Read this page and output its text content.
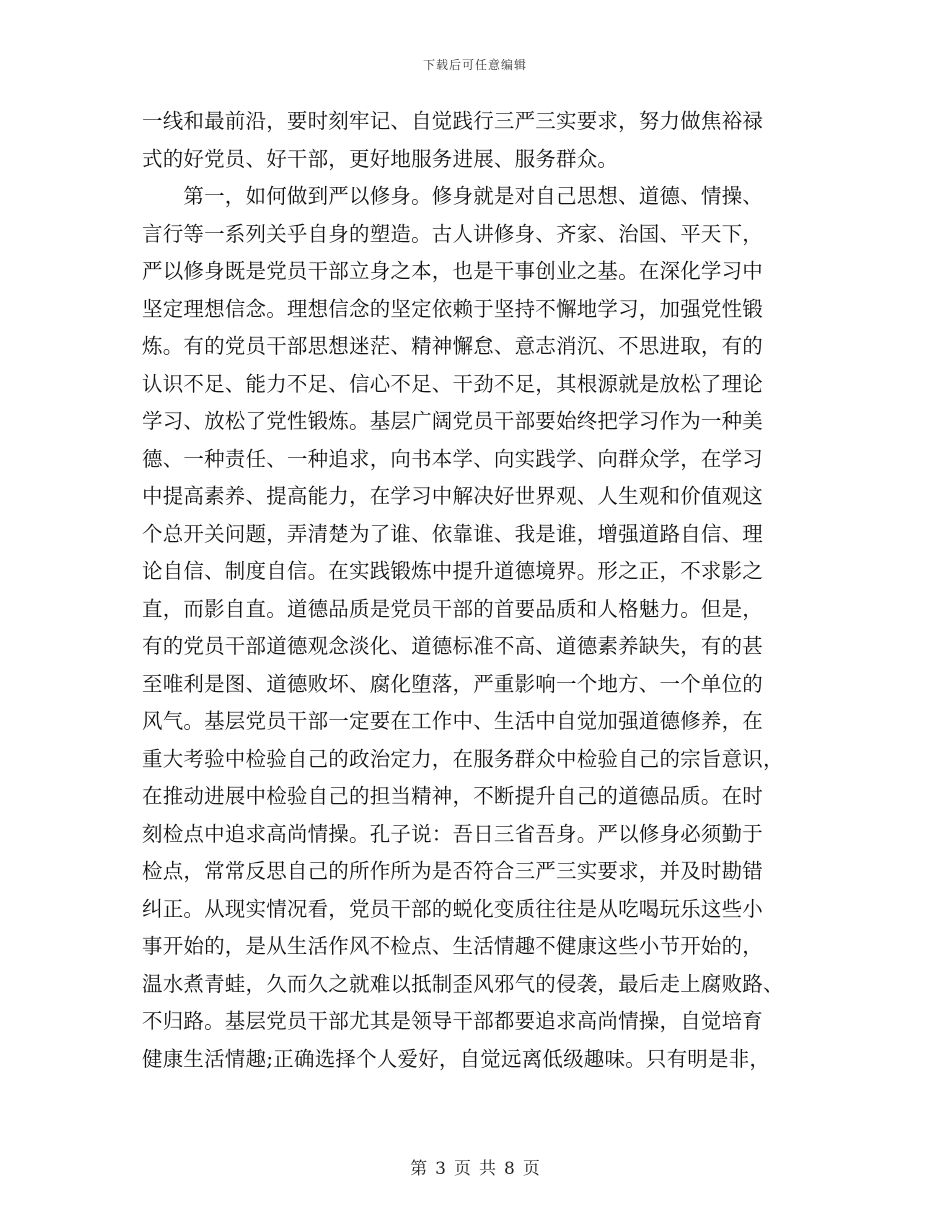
下载后可任意编辑
一线和最前沿，要时刻牢记、自觉践行三严三实要求，努力做焦裕禄
式的好党员、好干部，更好地服务进展、服务群众。
　　第一，如何做到严以修身。修身就是对自己思想、道德、情操、
言行等一系列关乎自身的塑造。古人讲修身、齐家、治国、平天下，
严以修身既是党员干部立身之本，也是干事创业之基。在深化学习中
坚定理想信念。理想信念的坚定依赖于坚持不懈地学习，加强党性锻
炼。有的党员干部思想迷茫、精神懈怠、意志消沉、不思进取，有的
认识不足、能力不足、信心不足、干劲不足，其根源就是放松了理论
学习、放松了党性锻炼。基层广阔党员干部要始终把学习作为一种美
德、一种责任、一种追求，向书本学、向实践学、向群众学，在学习
中提高素养、提高能力，在学习中解决好世界观、人生观和价值观这
个总开关问题，弄清楚为了谁、依靠谁、我是谁，增强道路自信、理
论自信、制度自信。在实践锻炼中提升道德境界。形之正，不求影之
直，而影自直。道德品质是党员干部的首要品质和人格魅力。但是，
有的党员干部道德观念淡化、道德标准不高、道德素养缺失，有的甚
至唯利是图、道德败坏、腐化堕落，严重影响一个地方、一个单位的
风气。基层党员干部一定要在工作中、生活中自觉加强道德修养，在
重大考验中检验自己的政治定力，在服务群众中检验自己的宗旨意识，
在推动进展中检验自己的担当精神，不断提升自己的道德品质。在时
刻检点中追求高尚情操。孔子说：吾日三省吾身。严以修身必须勤于
检点，常常反思自己的所作所为是否符合三严三实要求，并及时勘错
纠正。从现实情况看，党员干部的蜕化变质往往是从吃喝玩乐这些小
事开始的，是从生活作风不检点、生活情趣不健康这些小节开始的，
温水煮青蛙，久而久之就难以抵制歪风邪气的侵袭，最后走上腐败路、
不归路。基层党员干部尤其是领导干部都要追求高尚情操，自觉培育
健康生活情趣;正确选择个人爱好，自觉远离低级趣味。只有明是非，
第 3 页 共 8 页
